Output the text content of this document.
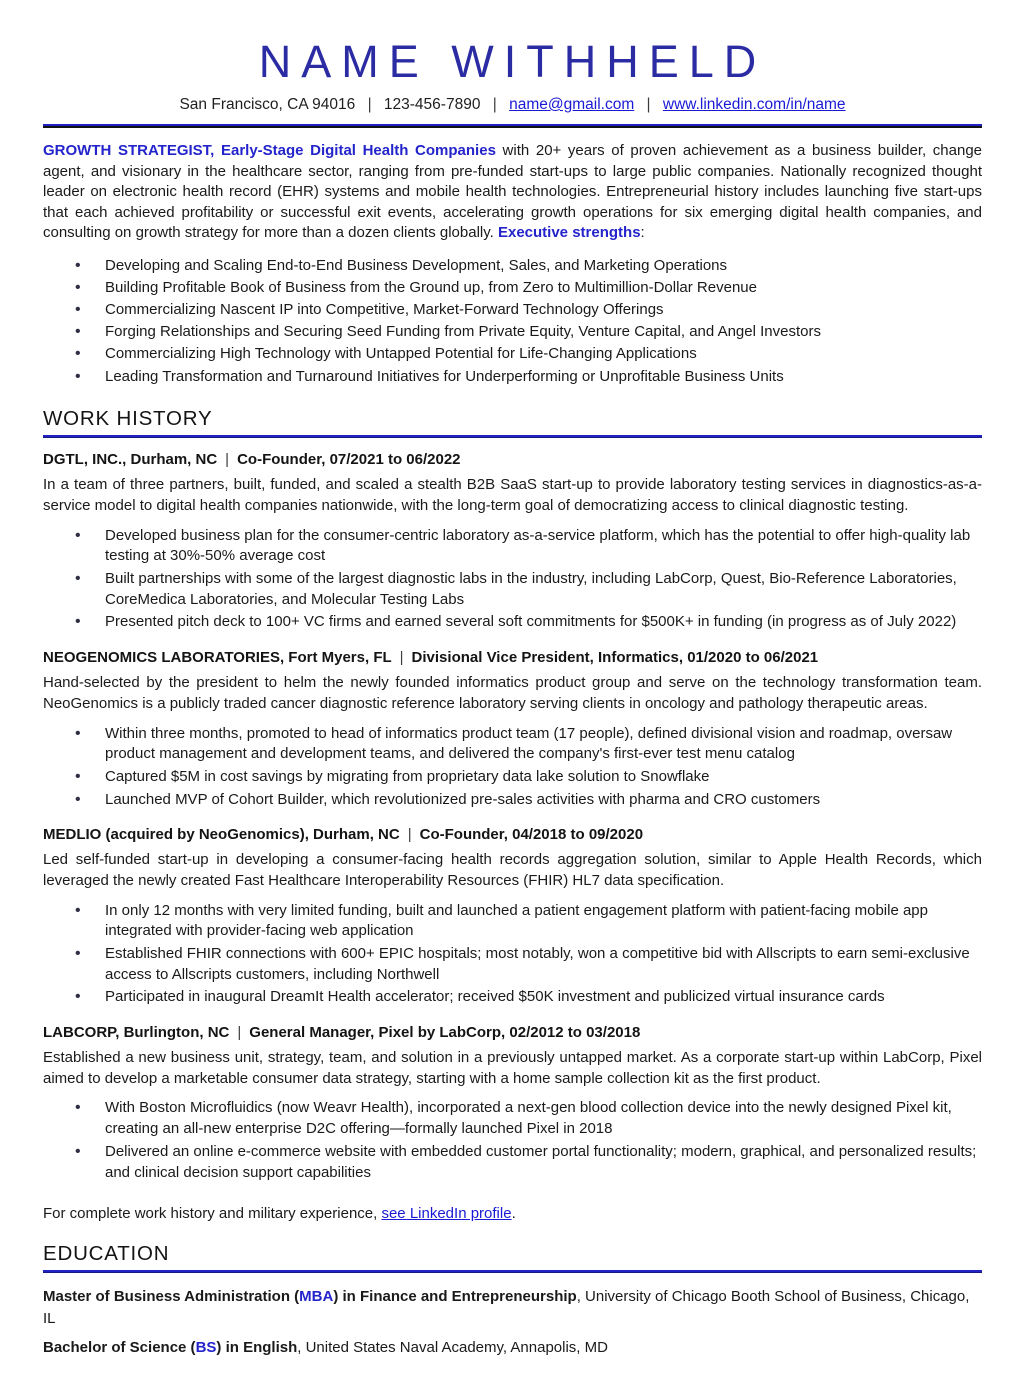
NAME WITHHELD
San Francisco, CA 94016 | 123-456-7890 | name@gmail.com | www.linkedin.com/in/name

GROWTH STRATEGIST, Early-Stage Digital Health Companies with 20+ years of proven achievement as a business builder, change agent, and visionary in the healthcare sector, ranging from pre-funded start-ups to large public companies. Nationally recognized thought leader on electronic health record (EHR) systems and mobile health technologies. Entrepreneurial history includes launching five start-ups that each achieved profitability or successful exit events, accelerating growth operations for six emerging digital health companies, and consulting on growth strategy for more than a dozen clients globally. Executive strengths:

• Developing and Scaling End-to-End Business Development, Sales, and Marketing Operations
• Building Profitable Book of Business from the Ground up, from Zero to Multimillion-Dollar Revenue
• Commercializing Nascent IP into Competitive, Market-Forward Technology Offerings
• Forging Relationships and Securing Seed Funding from Private Equity, Venture Capital, and Angel Investors
• Commercializing High Technology with Untapped Potential for Life-Changing Applications
• Leading Transformation and Turnaround Initiatives for Underperforming or Unprofitable Business Units
WORK HISTORY
DGTL, INC., Durham, NC | Co-Founder, 07/2021 to 06/2022

In a team of three partners, built, funded, and scaled a stealth B2B SaaS start-up to provide laboratory testing services in diagnostics-as-a-service model to digital health companies nationwide, with the long-term goal of democratizing access to clinical diagnostic testing.

• Developed business plan for the consumer-centric laboratory as-a-service platform, which has the potential to offer high-quality lab testing at 30%-50% average cost
• Built partnerships with some of the largest diagnostic labs in the industry, including LabCorp, Quest, Bio-Reference Laboratories, CoreMedica Laboratories, and Molecular Testing Labs
• Presented pitch deck to 100+ VC firms and earned several soft commitments for $500K+ in funding (in progress as of July 2022)
NEOGENOMICS LABORATORIES, Fort Myers, FL | Divisional Vice President, Informatics, 01/2020 to 06/2021

Hand-selected by the president to helm the newly founded informatics product group and serve on the technology transformation team. NeoGenomics is a publicly traded cancer diagnostic reference laboratory serving clients in oncology and pathology therapeutic areas.

• Within three months, promoted to head of informatics product team (17 people), defined divisional vision and roadmap, oversaw product management and development teams, and delivered the company's first-ever test menu catalog
• Captured $5M in cost savings by migrating from proprietary data lake solution to Snowflake
• Launched MVP of Cohort Builder, which revolutionized pre-sales activities with pharma and CRO customers
MEDLIO (acquired by NeoGenomics), Durham, NC | Co-Founder, 04/2018 to 09/2020

Led self-funded start-up in developing a consumer-facing health records aggregation solution, similar to Apple Health Records, which leveraged the newly created Fast Healthcare Interoperability Resources (FHIR) HL7 data specification.

• In only 12 months with very limited funding, built and launched a patient engagement platform with patient-facing mobile app integrated with provider-facing web application
• Established FHIR connections with 600+ EPIC hospitals; most notably, won a competitive bid with Allscripts to earn semi-exclusive access to Allscripts customers, including Northwell
• Participated in inaugural DreamIt Health accelerator; received $50K investment and publicized virtual insurance cards
LABCORP, Burlington, NC | General Manager, Pixel by LabCorp, 02/2012 to 03/2018

Established a new business unit, strategy, team, and solution in a previously untapped market. As a corporate start-up within LabCorp, Pixel aimed to develop a marketable consumer data strategy, starting with a home sample collection kit as the first product.

• With Boston Microfluidics (now Weavr Health), incorporated a next-gen blood collection device into the newly designed Pixel kit, creating an all-new enterprise D2C offering—formally launched Pixel in 2018
• Delivered an online e-commerce website with embedded customer portal functionality; modern, graphical, and personalized results; and clinical decision support capabilities

For complete work history and military experience, see LinkedIn profile.

EDUCATION

Master of Business Administration (MBA) in Finance and Entrepreneurship, University of Chicago Booth School of Business, Chicago, IL

Bachelor of Science (BS) in English, United States Naval Academy, Annapolis, MD
